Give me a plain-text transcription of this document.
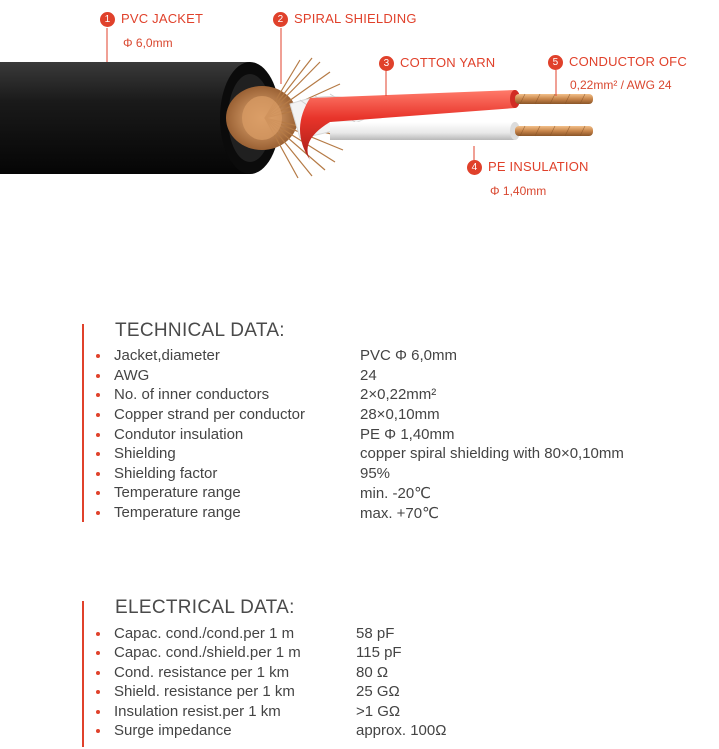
1 PVC JACKET
Φ 6,0mm
2 SPIRAL SHIELDING
3 COTTON YARN
4 PE INSULATION
Φ 1,40mm
5 CONDUCTOR OFC
0,22mm² / AWG 24
TECHNICAL DATA:
Jacket,diameter	PVC Φ 6,0mm
AWG	24
No. of inner conductors	2×0,22mm²
Copper strand per conductor	28×0,10mm
Condutor insulation	PE Φ 1,40mm
Shielding	copper spiral shielding with 80×0,10mm
Shielding factor	95%
Temperature range	min. -20℃
Temperature range	max. +70℃
ELECTRICAL DATA:
Capac. cond./cond.per 1 m	58 pF
Capac. cond./shield.per 1 m	115 pF
Cond. resistance per 1 km	80 Ω
Shield. resistance per 1 km	25 GΩ
Insulation resist.per 1 km	>1 GΩ
Surge impedance	approx. 100Ω
